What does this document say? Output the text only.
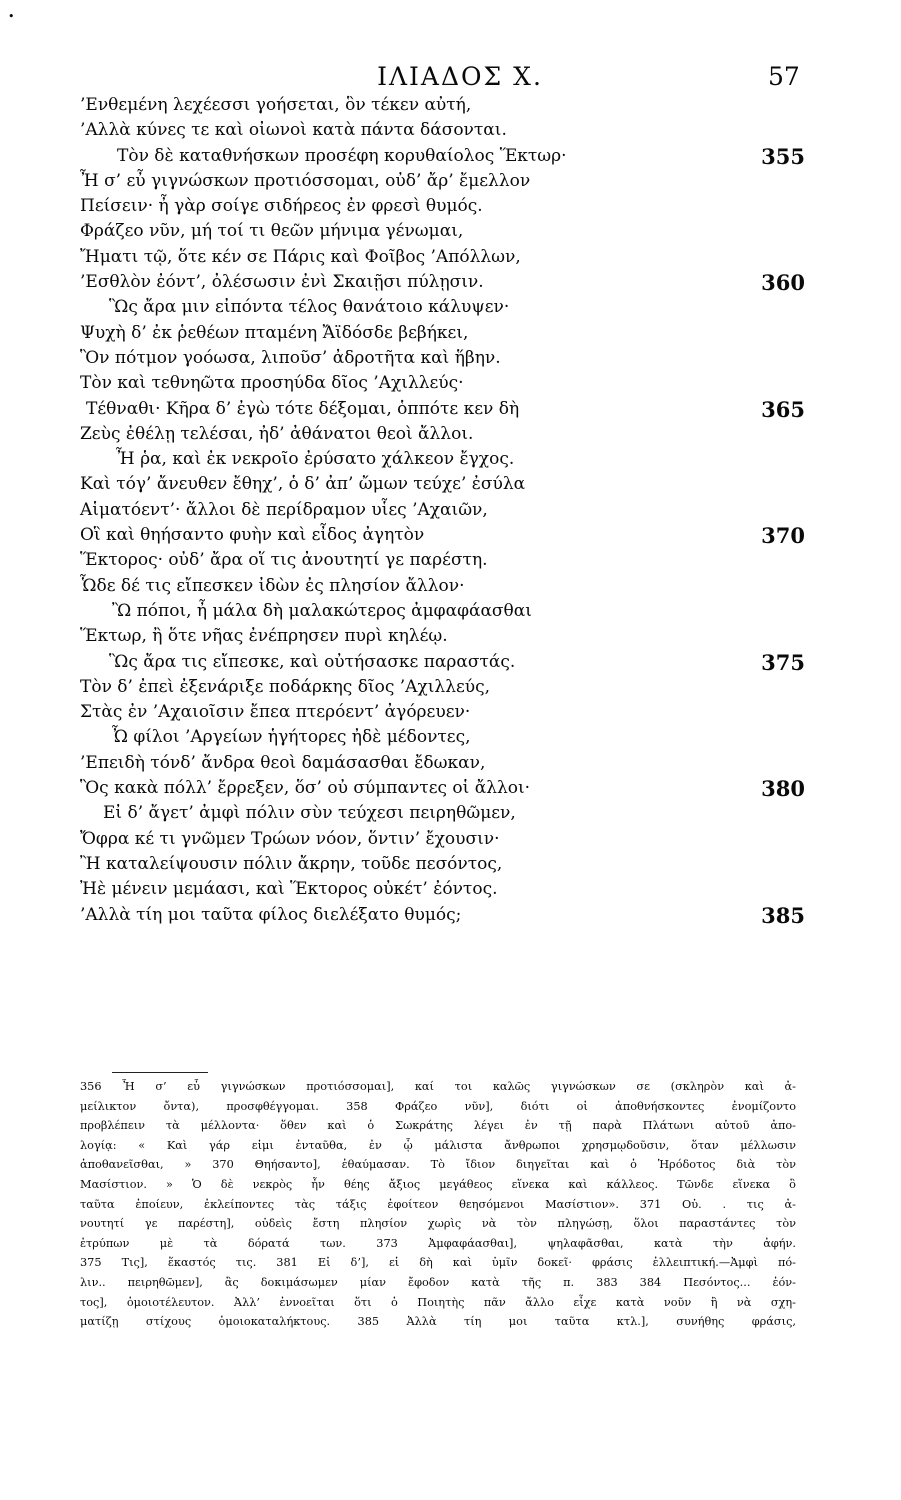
•
ΙΛΙΑΔΟΣ Χ.	57
’Ενθεμένη λεχέεσσι γοήσεται, ὃν τέκεν αὐτή,
’Αλλὰ κύνες τε καὶ οἰωνοὶ κατὰ πάντα δάσονται.
Τὸν δὲ καταθνήσκων προσέφη κορυθαίολος Ἕκτωρ·	355
Ἦ σ’ εὖ γιγνώσκων προτιόσσομαι, οὐδ’ ἄρ’ ἔμελλον
Πείσειν· ἦ γὰρ σοίγε σιδήρεος ἐν φρεσὶ θυμός.
Φράζεο νῦν, μή τοί τι θεῶν μήνιμα γένωμαι,
Ἤματι τῷ, ὅτε κέν σε Πάρις καὶ Φοῖβος ’Απόλλων,
’Εσθλὸν ἐόντ’, ὀλέσωσιν ἐνὶ Σκαιῇσι πύλῃσιν.	360
Ὣς ἄρα μιν εἰπόντα τέλος θανάτοιο κάλυψεν·
Ψυχὴ δ’ ἐκ ῥεθέων πταμένη Ἄϊδόσδε βεβήκει,
Ὃν πότμον γοόωσα, λιποῦσ’ ἀδροτῆτα καὶ ἥβην.
Τὸν καὶ τεθνηῶτα προσηύδα δῖος ’Αχιλλεύς·
Τέθναθι· Κῆρα δ’ ἐγὼ τότε δέξομαι, ὁππότε κεν δὴ	365
Ζεὺς ἐθέλῃ τελέσαι, ἠδ’ ἀθάνατοι θεοὶ ἄλλοι.
Ἦ ῥα, καὶ ἐκ νεκροῖο ἐρύσατο χάλκεον ἔγχος.
Καὶ τόγ’ ἄνευθεν ἔθηχ’, ὁ δ’ ἀπ’ ὤμων τεύχε’ ἐσύλα
Αἱματόεντ’· ἄλλοι δὲ περίδραμον υἷες ’Αχαιῶν,
Οἳ καὶ θηήσαντο φυὴν καὶ εἶδος ἀγητὸν	370
Ἕκτορος· οὐδ’ ἄρα οἵ τις ἀνουτητί γε παρέστη.
Ὧδε δέ τις εἴπεσκεν ἰδὼν ἐς πλησίον ἄλλον·
Ὢ πόποι, ἦ μάλα δὴ μαλακώτερος ἀμφαφάασθαι
Ἕκτωρ, ἢ ὅτε νῆας ἐνέπρησεν πυρὶ κηλέῳ.
Ὣς ἄρα τις εἴπεσκε, καὶ οὐτήσασκε παραστάς.	375
Τὸν δ’ ἐπεὶ ἐξενάριξε ποδάρκης δῖος ’Αχιλλεύς,
Στὰς ἐν ’Αχαιοῖσιν ἔπεα πτερόεντ’ ἀγόρευεν·
Ὦ φίλοι ’Αργείων ἡγήτορες ἠδὲ μέδοντες,
’Επειδὴ τόνδ’ ἄνδρα θεοὶ δαμάσασθαι ἔδωκαν,
Ὃς κακὰ πόλλ’ ἔρρεξεν, ὅσ’ οὐ σύμπαντες οἱ ἄλλοι·	380
Εἰ δ’ ἄγετ’ ἀμφὶ πόλιν σὺν τεύχεσι πειρηθῶμεν,
Ὄφρα κέ τι γνῶμεν Τρώων νόον, ὅντιν’ ἔχουσιν·
Ἢ καταλείψουσιν πόλιν ἄκρην, τοῦδε πεσόντος,
Ἠὲ μένειν μεμάασι, καὶ Ἕκτορος οὐκέτ’ ἐόντος.
’Αλλὰ τίη μοι ταῦτα φίλος διελέξατο θυμός;	385
356 Ἦ σ’ εὖ γιγνώσκων προτιόσσομαι], καί τοι καλῶς γιγνώσκων σε (σκληρὸν καὶ ἀ-
μείλικτον ὄντα), προσφθέγγομαι. 358 Φράζεο νῦν], διότι οἱ ἀποθνήσκοντες ἐνομίζοντο
προβλέπειν τὰ μέλλοντα· ὅθεν καὶ ὁ Σωκράτης λέγει ἐν τῇ παρὰ Πλάτωνι αὐτοῦ ἀπο-
λογίᾳ: « Καὶ γάρ εἰμι ἐνταῦθα, ἐν ᾧ μάλιστα ἄνθρωποι χρησμῳδοῦσιν, ὅταν μέλλωσιν
ἀποθανεῖσθαι, » 370 Θηήσαντο], ἐθαύμασαν. Τὸ ἴδιον διηγεῖται καὶ ὁ Ἡρόδοτος διὰ τὸν
Μασίστιον. » Ὁ δὲ νεκρὸς ἦν θέης ἄξιος μεγάθεος εἵνεκα καὶ κάλλεος. Τῶνδε εἵνεκα ὃ
ταῦτα ἐποίευν, ἐκλείποντες τὰς τάξις ἐφοίτεον θεησόμενοι Μασίστιον». 371 Οὐ. . τις ἀ-
νουτητί γε παρέστη], οὐδεὶς ἔστη πλησίον χωρὶς νὰ τὸν πληγώσῃ, ὅλοι παραστάντες τὸν
ἐτρύπων μὲ τὰ δόρατά των. 373 Ἀμφαφάασθαι], ψηλαφᾶσθαι, κατὰ τὴν ἀφήν.
375 Τις], ἕκαστός τις. 381 Εἰ δ’], εἰ δὴ καὶ ὑμῖν δοκεῖ· φράσις ἐλλειπτική.—Ἀμφὶ πό-
λιν.. πειρηθῶμεν], ἂς δοκιμάσωμεν μίαν ἔφοδον κατὰ τῆς π. 383 384 Πεσόντος... ἐόν-
τος], ὁμοιοτέλευτον. Ἀλλ’ ἐννοεῖται ὅτι ὁ Ποιητὴς πᾶν ἄλλο εἶχε κατὰ νοῦν ἢ νὰ σχη-
ματίζῃ στίχους ὁμοιοκαταλήκτους. 385 Ἀλλὰ τίη μοι ταῦτα κτλ.], συνήθης φράσις,
